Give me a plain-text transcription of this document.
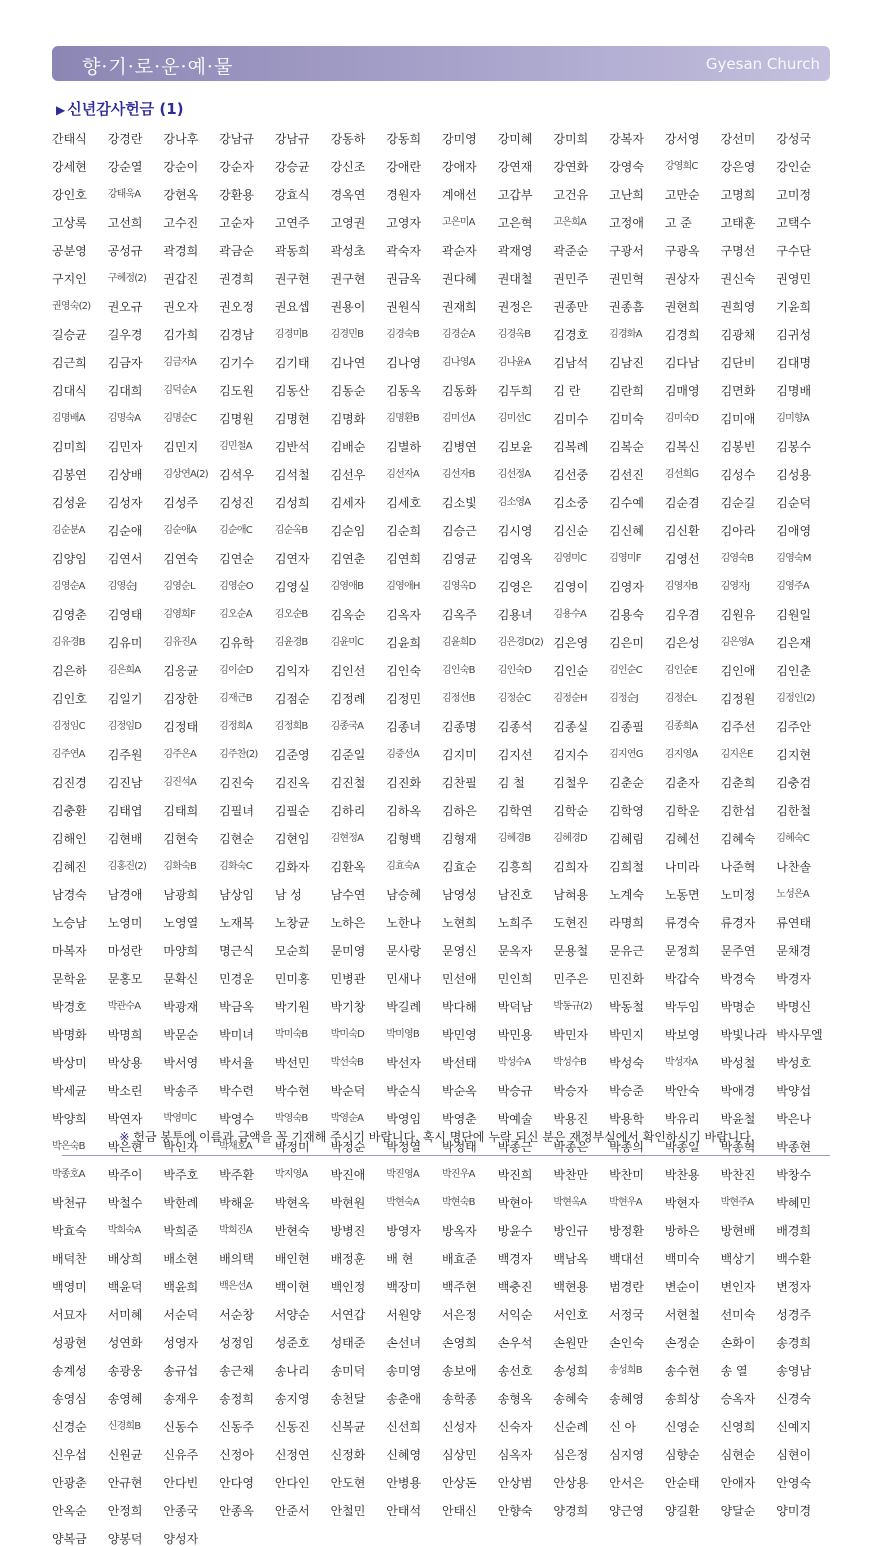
향·기·로·운·예·물	Gyesan Church
▶ 신년감사헌금 (1)
간태식	강경란	강나후	강남규	강남규	강동하	강동희	강미영	강미혜	강미희	강복자	강서영	강선미	강성국
강세현	강순열	강순이	강순자	강승균	강신조	강애란	강애자	강연재	강연화	강영숙	강영희C	강은영	강인순
강인호	강태욱A	강현옥	강환용	강효식	경옥연	경원자	계애선	고갑부	고건유	고난희	고만순	고명희	고미정
고상록	고선희	고수진	고순자	고연주	고영권	고영자	고은미A	고은혁	고은희A	고정애	고 준	고태훈	고택수
공분영	공성규	곽경희	곽금순	곽동희	곽성초	곽숙자	곽순자	곽재영	곽준순	구광서	구광옥	구명선	구수단
구지인	구혜정(2)	권갑진	권경희	권구현	권구현	권금옥	권다혜	권대철	권민주	권민혁	권상자	권신숙	권영민
권영숙(2)	권오규	권오자	권오정	권요셉	권용이	권원식	권재희	권정은	권종만	권종흠	권현희	권희영	기윤희
길승균	길우경	김가희	김경남	김경미B	김경민B	김경숙B	김경순A	김경옥B	김경호	김경화A	김경희	김광채	김귀성
김근희	김금자	김금자A	김기수	김기태	김나연	김나영	김나영A	김나윤A	김남석	김남진	김다남	김단비	김대명
김대식	김대희	김덕순A	김도원	김동산	김동순	김동옥	김동화	김두희	김 란	김란희	김매영	김면화	김명배
김명배A	김명숙A	김명순C	김명원	김명현	김명화	김명환B	김미선A	김미선C	김미수	김미숙	김미숙D	김미애	김미향A
김미희	김민자	김민지	김민철A	김반석	김배순	김별하	김병연	김보윤	김복례	김복순	김복신	김봉빈	김봉수
김봉연	김상배	김상연A(2) 김석우	김석철	김선우	김선자A	김선자B	김선정A	김선중	김선진	김선희G	김성수	김성용
김성윤	김성자	김성주	김성진	김성희	김세자	김세호	김소빛	김소영A	김소중	김수예	김순겸	김순길	김순덕
김순분A	김순애	김순애A	김순애C	김순옥B	김순임	김순희	김승근	김시영	김신순	김신혜	김신환	김아라	김애영
김양임	김연서	김연숙	김연순	김연자	김연춘	김연희	김영균	김영옥	김영미C	김영미F	김영선	김영숙B	김영숙M
김영순A	김영순J	김영순L	김영순O	김영실	김영애B	김영애H	김영옥D	김영은	김영이	김영자	김영자B	김영자J	김영주A
김영춘	김영태	김영희F	김오순A	김오순B	김옥순	김옥자	김옥주	김용녀	김용수A	김용숙	김우겸	김원유	김원일
김유경B	김유미	김유진A	김유학	김윤경B	김윤미C	김윤희	김윤희D	김은경D(2) 김은영	김은미	김은성	김은영A	김은재
김은하	김은희A	김응균	김이순D	김익자	김인선	김인숙	김인숙B	김인숙D	김인순	김인순C	김인순E	김인애	김인춘
김인호	김일기	김장한	김재근B	김점순	김정례	김정민	김정선B	김정순C	김정순H	김정순J	김정순L	김정원	김정인(2)
김정임C	김정임D	김정태	김정희A	김정희B	김종국A	김종녀	김종명	김종석	김종실	김종필	김종희A	김주선	김주안
김주연A	김주원	김주은A	김주찬(2)	김준영	김준일	김중선A	김지미	김지선	김지수	김지연G	김지영A	김지은E	김지현
김진경	김진남	김진석A	김진숙	김진옥	김진철	김진화	김찬필	김 철	김철우	김춘순	김춘자	김춘희	김충검
김충환	김태엽	김태희	김필녀	김필순	김하리	김하옥	김하은	김학연	김학순	김학영	김학운	김한섭	김한철
김해인	김현배	김현숙	김현순	김현임	김현정A	김형백	김형재	김혜경B	김혜경D	김혜림	김혜선	김혜숙	김혜숙C
김혜진	김홍진(2)	김화숙B	김화숙C	김화자	김환옥	김효숙A	김효순	김흥희	김희자	김희철	나미라	나준혁	나찬솔
남경숙	남경애	남광희	남상임	남 성	남수연	남승혜	남영성	남진호	남혀용	노계숙	노동면	노미정	노성은A
노승남	노영미	노영열	노재복	노창균	노하은	노한나	노현희	노희주	도현진	라명희	류경숙	류경자	류연태
마복자	마성란	마양희	명근식	모순희	문미영	문사랑	문영신	문옥자	문용철	문유근	문정희	문주연	문채경
문학윤	문홍모	문확신	민경운	민미홍	민병관	민새나	민선애	민인희	민주은	민진화	박갑숙	박경숙	박경자
박경호	박관수A	박광재	박금옥	박기원	박기창	박길례	박다해	박덕남	박동규(2)	박동철	박두임	박명순	박명신
박명화	박명희	박문순	박미녀	박미숙B	박미숙D	박미영B	박민영	박민용	박민자	박민지	박보영	박빛나라 박사무엘
박상미	박상용	박서영	박서율	박선민	박선숙B	박선자	박선태	박성수A	박성수B	박성숙	박성자A	박성철	박성호
박세균	박소린	박송주	박수련	박수현	박순덕	박순식	박순옥	박승규	박승자	박승준	박안숙	박애경	박양섭
박양희	박연자	박영미C	박영수	박영숙B	박영순A	박영임	박영춘	박예술	박용진	박용학	박유리	박윤철	박은나
박은숙B	박은현	박인자	박재호A	박정미	박정순	박정열	박정태	박종근	박종은	박종의	박종일	박종혁	박종현
박종호A	박주이	박주호	박주환	박지영A	박진애	박진영A	박진우A	박진희	박찬만	박찬미	박찬용	박찬진	박창수
박천규	박철수	박한례	박해윤	박현옥	박현원	박현숙A	박현숙B	박현아	박현옥A	박현우A	박현자	박현주A	박혜민
박효숙	박희숙A	박희준	박희진A	반현숙	방병진	방영자	방옥자	방윤수	방인규	방정환	방하은	방현배	배경희
배덕찬	배상희	배소현	배의택	배인현	배정훈	배 현	배효준	백경자	백남옥	백대선	백미숙	백상기	백수환
백영미	백윤덕	백윤희	백은선A	백이현	백인정	백장미	백주현	백충진	백현용	범경란	변순이	변인자	변정자
서묘자	서미혜	서순덕	서순창	서양순	서연갑	서원양	서은정	서익순	서인호	서정국	서현철	선미숙	성경주
성광현	성연화	성영자	성정임	성준호	성태준	손선녀	손영희	손우석	손원만	손인숙	손정순	손화이	송경희
송계성	송광웅	송규섭	송근채	송나리	송미덕	송미영	송보애	송선호	송성희	송성희B	송수현	송 열	송영남
송영심	송영혜	송재우	송정희	송지영	송천달	송춘애	송학종	송형옥	송혜숙	송혜영	송희상	승옥자	신경숙
신경순	신경희B	신동수	신동주	신동진	신복균	신선희	신성자	신숙자	신순례	신 아	신영순	신영희	신예지
신우섭	신원균	신유주	신정아	신정연	신정화	신혜영	심상민	심옥자	심은정	심지영	심향순	심현순	심현이
안광춘	안규현	안다빈	안다영	안다인	안도현	안병용	안상돈	안상범	안상용	안서은	안순태	안애자	안영숙
안옥순	안정희	안종국	안종옥	안준서	안철민	안태석	안태신	안향숙	양경희	양근영	양길환	양달순	양미경
양복금	양봉덕	양성자
※ 헌금 봉투에 이름과 금액을 꼭 기재해 주시기 바랍니다. 혹시 명단에 누락 되신 분은 재정부실에서 확인하시기 바랍니다.
